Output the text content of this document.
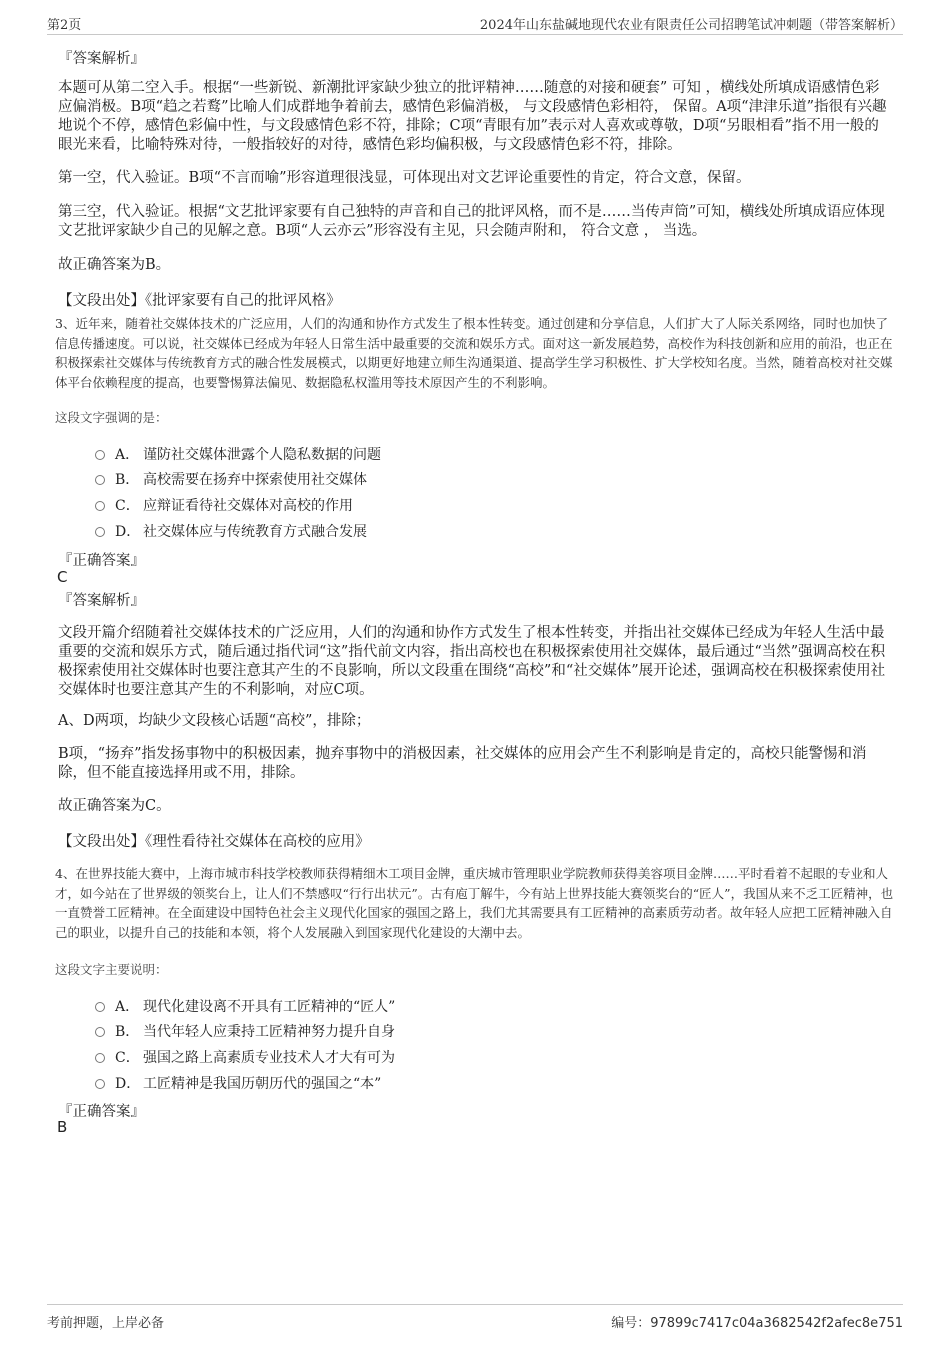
第2页	2024年山东盐碱地现代农业有限责任公司招聘笔试冲刺题（带答案解析）
『答案解析』

本题可从第二空入手。根据“一些新锐、新潮批评家缺少独立的批评精神……随意的对接和硬套” 可知 ，横线处所填成语感情色彩应偏消极。B项“趋之若鹜”比喻人们成群地争着前去，感情色彩偏消极， 与文段感情色彩相符， 保留。A项“津津乐道”指很有兴趣地说个不停，感情色彩偏中性，与文段感情色彩不符，排除；C项“青眼有加”表示对人喜欢或尊敬，D项“另眼相看”指不用一般的眼光来看，比喻特殊对待，一般指较好的对待，感情色彩均偏积极，与文段感情色彩不符，排除。

第一空，代入验证。B项“不言而喻”形容道理很浅显，可体现出对文艺评论重要性的肯定，符合文意，保留。

第三空，代入验证。根据“文艺批评家要有自己独特的声音和自己的批评风格，而不是……当传声筒”可知，横线处所填成语应体现文艺批评家缺少自己的见解之意。B项“人云亦云”形容没有主见，只会随声附和， 符合文意 ， 当选。

故正确答案为B。

【文段出处】《批评家要有自己的批评风格》

3、近年来，随着社交媒体技术的广泛应用，人们的沟通和协作方式发生了根本性转变。通过创建和分享信息，人们扩大了人际关系网络，同时也加快了信息传播速度。可以说，社交媒体已经成为年轻人日常生活中最重要的交流和娱乐方式。面对这一新发展趋势，高校作为科技创新和应用的前沿，也正在积极探索社交媒体与传统教育方式的融合性发展模式，以期更好地建立师生沟通渠道、提高学生学习积极性、扩大学校知名度。当然，随着高校对社交媒体平台依赖程度的提高，也要警惕算法偏见、数据隐私权滥用等技术原因产生的不利影响。

这段文字强调的是：
A． 谨防社交媒体泄露个人隐私数据的问题
B． 高校需要在扬弃中探索使用社交媒体
C． 应辩证看待社交媒体对高校的作用
D． 社交媒体应与传统教育方式融合发展
『正确答案』
C
『答案解析』

文段开篇介绍随着社交媒体技术的广泛应用，人们的沟通和协作方式发生了根本性转变，并指出社交媒体已经成为年轻人生活中最重要的交流和娱乐方式，随后通过指代词“这”指代前文内容，指出高校也在积极探索使用社交媒体，最后通过“当然”强调高校在积极探索使用社交媒体时也要注意其产生的不良影响，所以文段重在围绕“高校”和“社交媒体”展开论述，强调高校在积极探索使用社交媒体时也要注意其产生的不利影响，对应C项。

A、D两项，均缺少文段核心话题“高校”，排除；

B项，“扬弃”指发扬事物中的积极因素，抛弃事物中的消极因素，社交媒体的应用会产生不利影响是肯定的，高校只能警惕和消除，但不能直接选择用或不用，排除。

故正确答案为C。

【文段出处】《理性看待社交媒体在高校的应用》

4、在世界技能大赛中，上海市城市科技学校教师获得精细木工项目金牌，重庆城市管理职业学院教师获得美容项目金牌……平时看着不起眼的专业和人才，如今站在了世界级的领奖台上，让人们不禁感叹“行行出状元”。古有庖丁解牛，今有站上世界技能大赛领奖台的“匠人”，我国从来不乏工匠精神，也一直赞誉工匠精神。在全面建设中国特色社会主义现代化国家的强国之路上，我们尤其需要具有工匠精神的高素质劳动者。故年轻人应把工匠精神融入自己的职业，以提升自己的技能和本领，将个人发展融入到国家现代化建设的大潮中去。

这段文字主要说明：
A． 现代化建设离不开具有工匠精神的“匠人”
B． 当代年轻人应秉持工匠精神努力提升自身
C． 强国之路上高素质专业技术人才大有可为
D． 工匠精神是我国历朝历代的强国之“本”
『正确答案』
B
考前押题，上岸必备	编号：97899c7417c04a3682542f2afec8e751
